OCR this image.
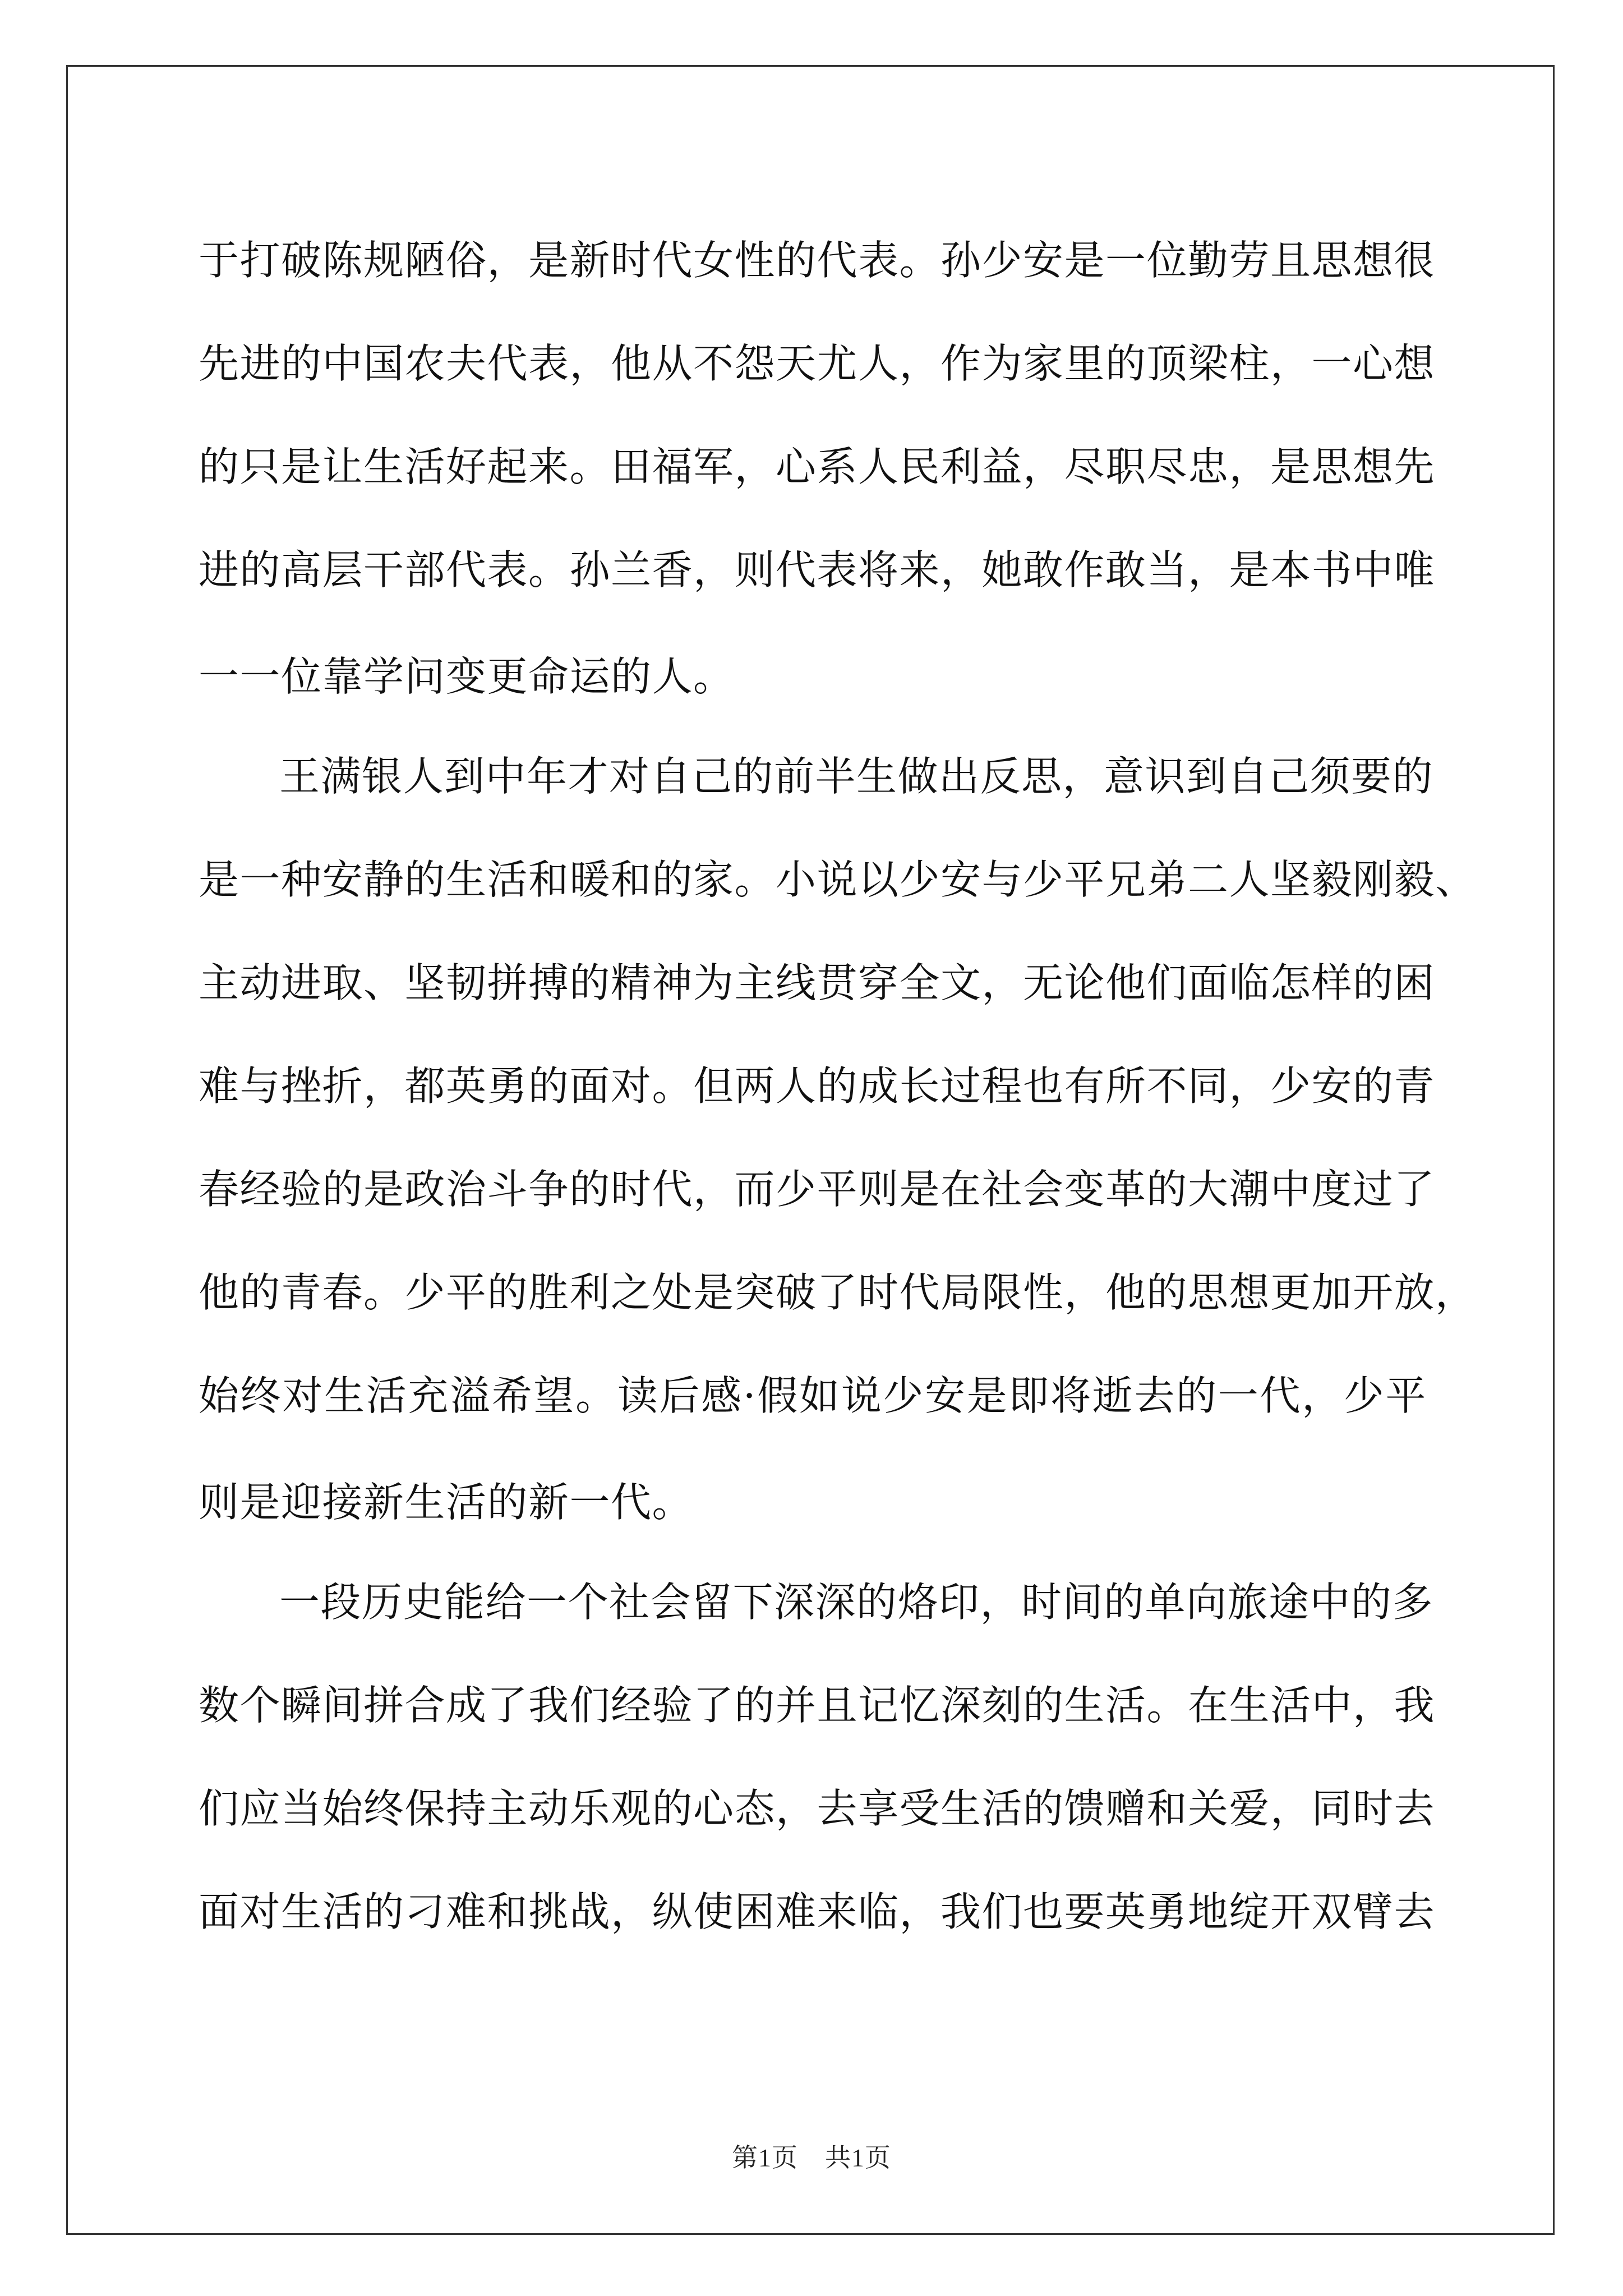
于打破陈规陋俗，是新时代女性的代表。孙少安是一位勤劳且思想很
先进的中国农夫代表，他从不怨天尤人，作为家里的顶梁柱，一心想
的只是让生活好起来。田福军，心系人民利益，尽职尽忠，是思想先
进的高层干部代表。孙兰香，则代表将来，她敢作敢当，是本书中唯
一一位靠学问变更命运的人。
王满银人到中年才对自己的前半生做出反思，意识到自己须要的
是一种安静的生活和暖和的家。小说以少安与少平兄弟二人坚毅刚毅、
主动进取、坚韧拼搏的精神为主线贯穿全文，无论他们面临怎样的困
难与挫折，都英勇的面对。但两人的成长过程也有所不同，少安的青
春经验的是政治斗争的时代，而少平则是在社会变革的大潮中度过了
他的青春。少平的胜利之处是突破了时代局限性，他的思想更加开放，
始终对生活充溢希望。读后感·假如说少安是即将逝去的一代，少平
则是迎接新生活的新一代。
一段历史能给一个社会留下深深的烙印，时间的单向旅途中的多
数个瞬间拼合成了我们经验了的并且记忆深刻的生活。在生活中，我
们应当始终保持主动乐观的心态，去享受生活的馈赠和关爱，同时去
面对生活的刁难和挑战，纵使困难来临，我们也要英勇地绽开双臂去
第1页 共1页
